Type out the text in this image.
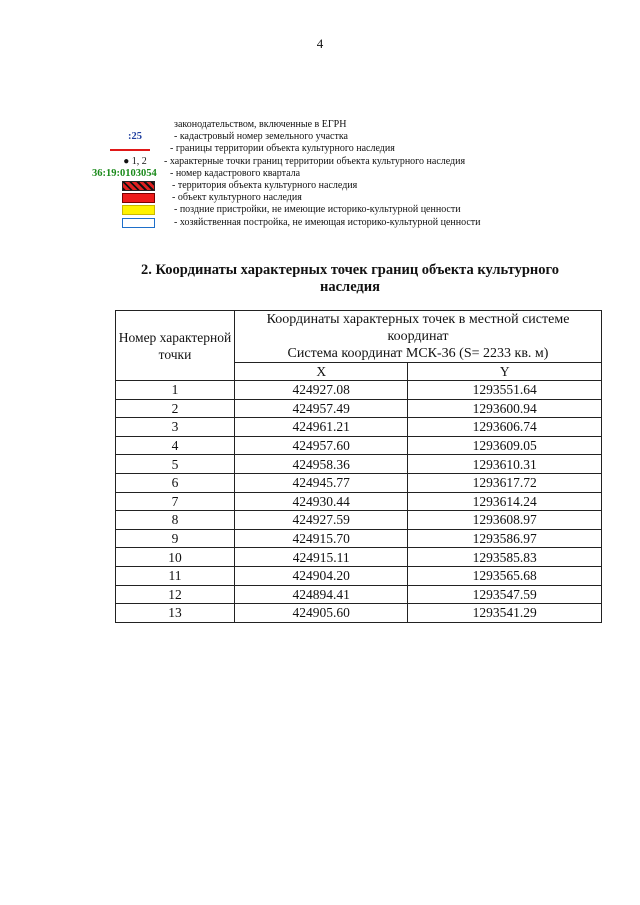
4
законодательством, включенные в ЕГРН
:25	- кадастровый номер земельного участка
- границы территории объекта культурного наследия
● 1, 2	- характерные точки границ территории объекта культурного наследия
36:19:0103054 - номер кадастрового квартала
- территория объекта культурного наследия
- объект культурного наследия
- поздние пристройки, не имеющие историко-культурной ценности
- хозяйственная постройка, не имеющая историко-культурной ценности
2. Координаты характерных точек границ объекта культурного
наследия
Номер характерной точки	Координаты характерных точек в местной системе координат
Система координат МСК-36 (S= 2233 кв. м)	

	X	Y
1	424927.08	1293551.64
2	424957.49	1293600.94
3	424961.21	1293606.74
4	424957.60	1293609.05
5	424958.36	1293610.31
6	424945.77	1293617.72
7	424930.44	1293614.24
8	424927.59	1293608.97
9	424915.70	1293586.97
10	424915.11	1293585.83
11	424904.20	1293565.68
12	424894.41	1293547.59
13	424905.60	1293541.29
